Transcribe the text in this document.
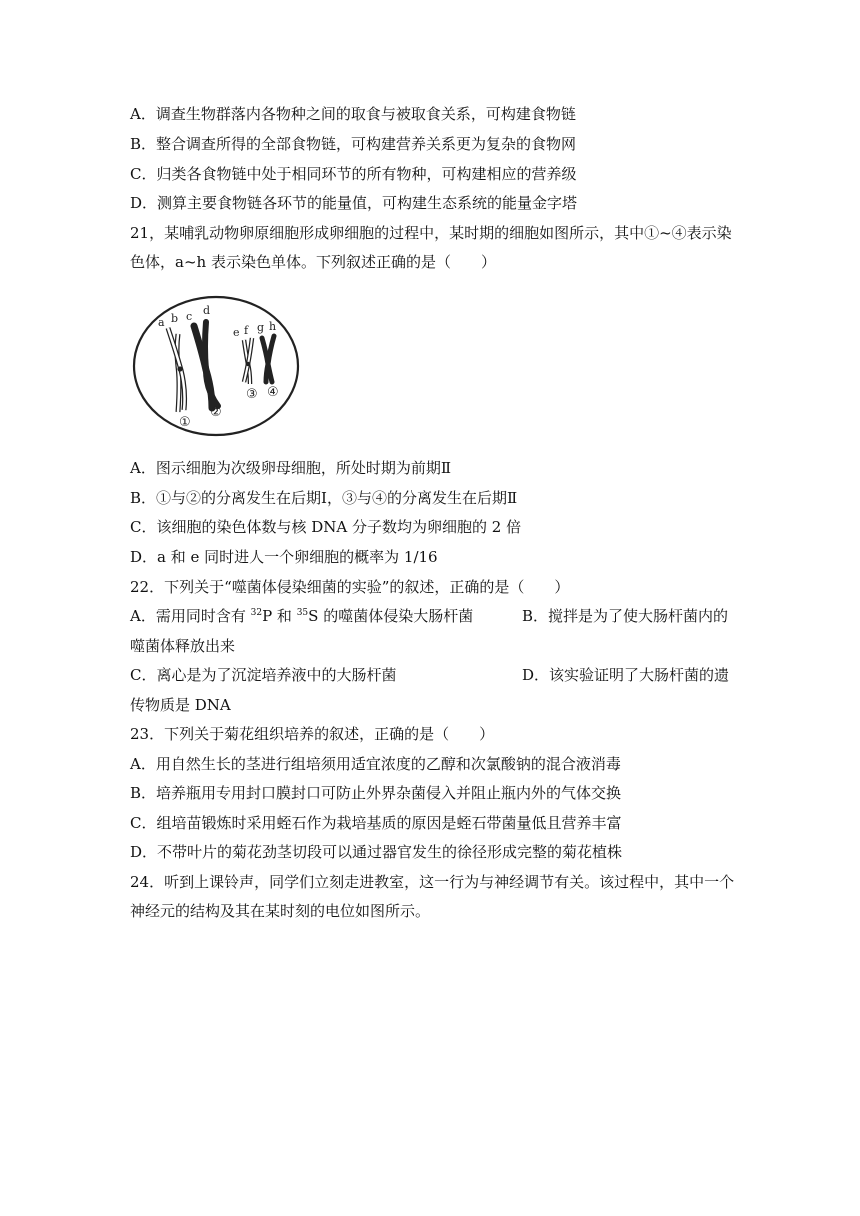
A．调查生物群落内各物种之间的取食与被取食关系，可构建食物链
B．整合调查所得的全部食物链，可构建营养关系更为复杂的食物网
C．归类各食物链中处于相同环节的所有物种，可构建相应的营养级
D．测算主要食物链各环节的能量值，可构建生态系统的能量金字塔
21，某哺乳动物卵原细胞形成卵细胞的过程中，某时期的细胞如图所示，其中①~④表示染
色体，a~h 表示染色单体。下列叙述正确的是（　　）
a b c d
e f g h
①
②
③ ④
A．图示细胞为次级卵母细胞，所处时期为前期Ⅱ
B．①与②的分离发生在后期Ⅰ，③与④的分离发生在后期Ⅱ
C．该细胞的染色体数与核 DNA 分子数均为卵细胞的 2 倍
D．a 和 e 同时进人一个卵细胞的概率为 1/16
22．下列关于“噬菌体侵染细菌的实验”的叙述，正确的是（　　）
A．需用同时含有 $^{32}$P 和 $^{35}$S 的噬菌体侵染大肠杆菌	B．搅拌是为了使大肠杆菌内的
噬菌体释放出来
C．离心是为了沉淀培养液中的大肠杆菌	D．该实验证明了大肠杆菌的遗
传物质是 DNA
23．下列关于菊花组织培养的叙述，正确的是（　　）
A．用自然生长的茎进行组培须用适宜浓度的乙醇和次氯酸钠的混合液消毒
B．培养瓶用专用封口膜封口可防止外界杂菌侵入并阻止瓶内外的气体交换
C．组培苗锻炼时采用蛭石作为栽培基质的原因是蛭石带菌量低且营养丰富
D．不带叶片的菊花劲茎切段可以通过器官发生的徐径形成完整的菊花植株
24．听到上课铃声，同学们立刻走进教室，这一行为与神经调节有关。该过程中，其中一个
神经元的结构及其在某时刻的电位如图所示。
